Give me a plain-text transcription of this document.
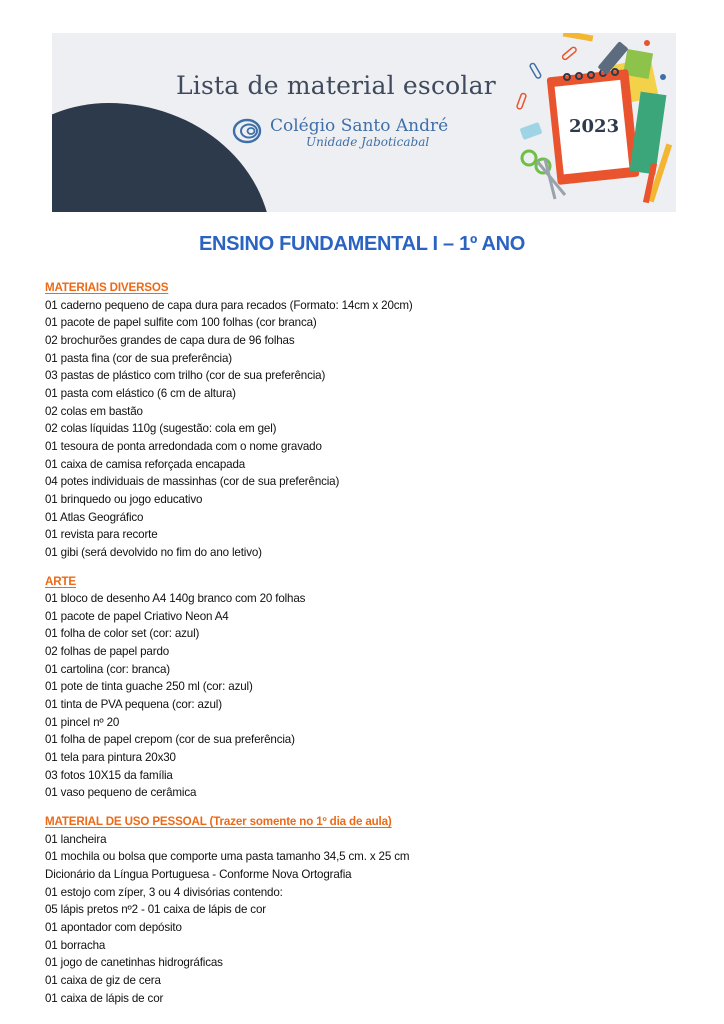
Lista de material escolar
Colégio Santo André
Unidade Jaboticabal
2023
ENSINO FUNDAMENTAL I – 1º ANO
MATERIAIS DIVERSOS
01 caderno pequeno de capa dura para recados (Formato: 14cm x 20cm)
01 pacote de papel sulfite com 100 folhas (cor branca)
02 brochurões grandes de capa dura de 96 folhas
01 pasta fina (cor de sua preferência)
03 pastas de plástico com trilho (cor de sua preferência)
01 pasta com elástico (6 cm de altura)
02 colas em bastão
02 colas líquidas 110g (sugestão: cola em gel)
01 tesoura de ponta arredondada com o nome gravado
01 caixa de camisa reforçada encapada
04 potes individuais de massinhas (cor de sua preferência)
01 brinquedo ou jogo educativo
01 Atlas Geográfico
01 revista para recorte
01 gibi (será devolvido no fim do ano letivo)
ARTE
01 bloco de desenho A4 140g branco com 20 folhas
01 pacote de papel Criativo Neon A4
01 folha de color set (cor: azul)
02 folhas de papel pardo
01 cartolina (cor: branca)
01 pote de tinta guache 250 ml (cor: azul)
01 tinta de PVA pequena (cor: azul)
01 pincel nº 20
01 folha de papel crepom (cor de sua preferência)
01 tela para pintura 20x30
03 fotos 10X15 da família
01 vaso pequeno de cerâmica
MATERIAL DE USO PESSOAL (Trazer somente no 1º dia de aula)
01 lancheira
01 mochila ou bolsa que comporte uma pasta tamanho 34,5 cm. x 25 cm
Dicionário da Língua Portuguesa - Conforme Nova Ortografia
01 estojo com zíper, 3 ou 4 divisórias contendo:
05 lápis pretos nº2 - 01 caixa de lápis de cor
01 apontador com depósito
01 borracha
01 jogo de canetinhas hidrográficas
01 caixa de giz de cera
01 caixa de lápis de cor
